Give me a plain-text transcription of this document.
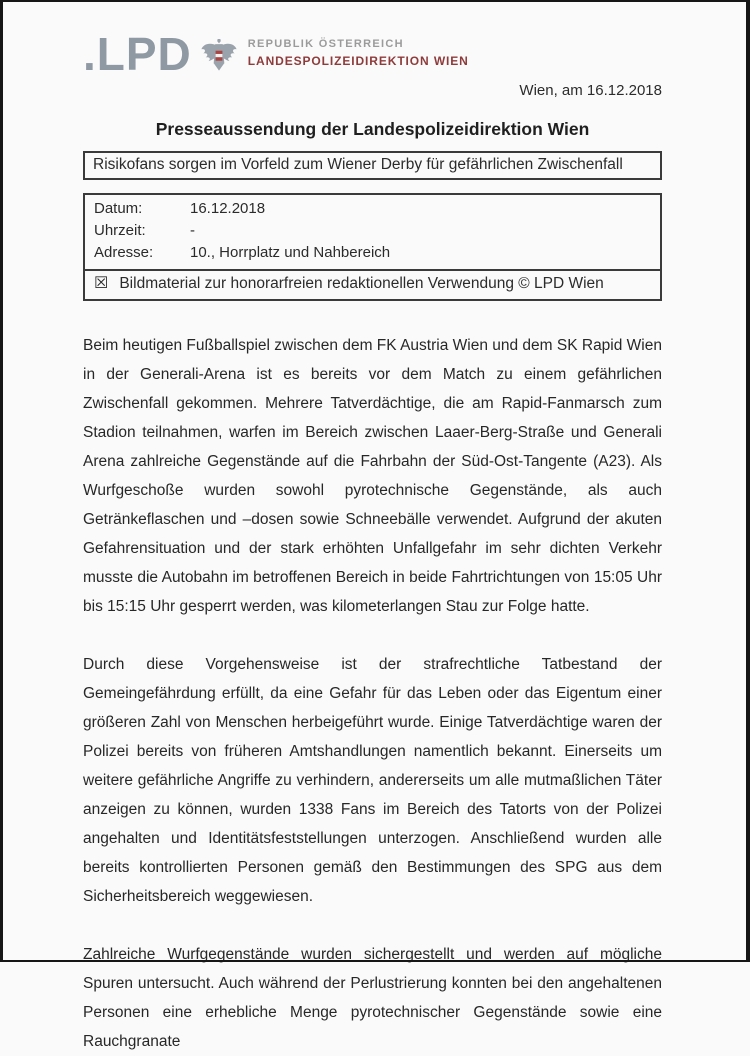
.LPD	REPUBLIK ÖSTERREICH
LANDESPOLIZEIDIREKTION WIEN
Wien, am 16.12.2018
Presseaussendung der Landespolizeidirektion Wien
Risikofans sorgen im Vorfeld zum Wiener Derby für gefährlichen Zwischenfall
Datum:	16.12.2018
Uhrzeit:	-
Adresse:	10., Horrplatz und Nahbereich
☒ Bildmaterial zur honorarfreien redaktionellen Verwendung © LPD Wien

Beim heutigen Fußballspiel zwischen dem FK Austria Wien und dem SK Rapid Wien in der Generali-Arena ist es bereits vor dem Match zu einem gefährlichen Zwischenfall gekommen. Mehrere Tatverdächtige, die am Rapid-Fanmarsch zum Stadion teilnahmen, warfen im Bereich zwischen Laaer-Berg-Straße und Generali Arena zahlreiche Gegenstände auf die Fahrbahn der Süd-Ost-Tangente (A23). Als Wurfgeschoße wurden sowohl pyrotechnische Gegenstände, als auch Getränkeflaschen und –dosen sowie Schneebälle verwendet. Aufgrund der akuten Gefahrensituation und der stark erhöhten Unfallgefahr im sehr dichten Verkehr musste die Autobahn im betroffenen Bereich in beide Fahrtrichtungen von 15:05 Uhr bis 15:15 Uhr gesperrt werden, was kilometerlangen Stau zur Folge hatte.

Durch diese Vorgehensweise ist der strafrechtliche Tatbestand der Gemeingefährdung erfüllt, da eine Gefahr für das Leben oder das Eigentum einer größeren Zahl von Menschen herbeigeführt wurde. Einige Tatverdächtige waren der Polizei bereits von früheren Amtshandlungen namentlich bekannt. Einerseits um weitere gefährliche Angriffe zu verhindern, andererseits um alle mutmaßlichen Täter anzeigen zu können, wurden 1338 Fans im Bereich des Tatorts von der Polizei angehalten und Identitätsfeststellungen unterzogen. Anschließend wurden alle bereits kontrollierten Personen gemäß den Bestimmungen des SPG aus dem Sicherheitsbereich weggewiesen.

Zahlreiche Wurfgegenstände wurden sichergestellt und werden auf mögliche Spuren untersucht. Auch während der Perlustrierung konnten bei den angehaltenen Personen eine erhebliche Menge pyrotechnischer Gegenstände sowie eine Rauchgranate
